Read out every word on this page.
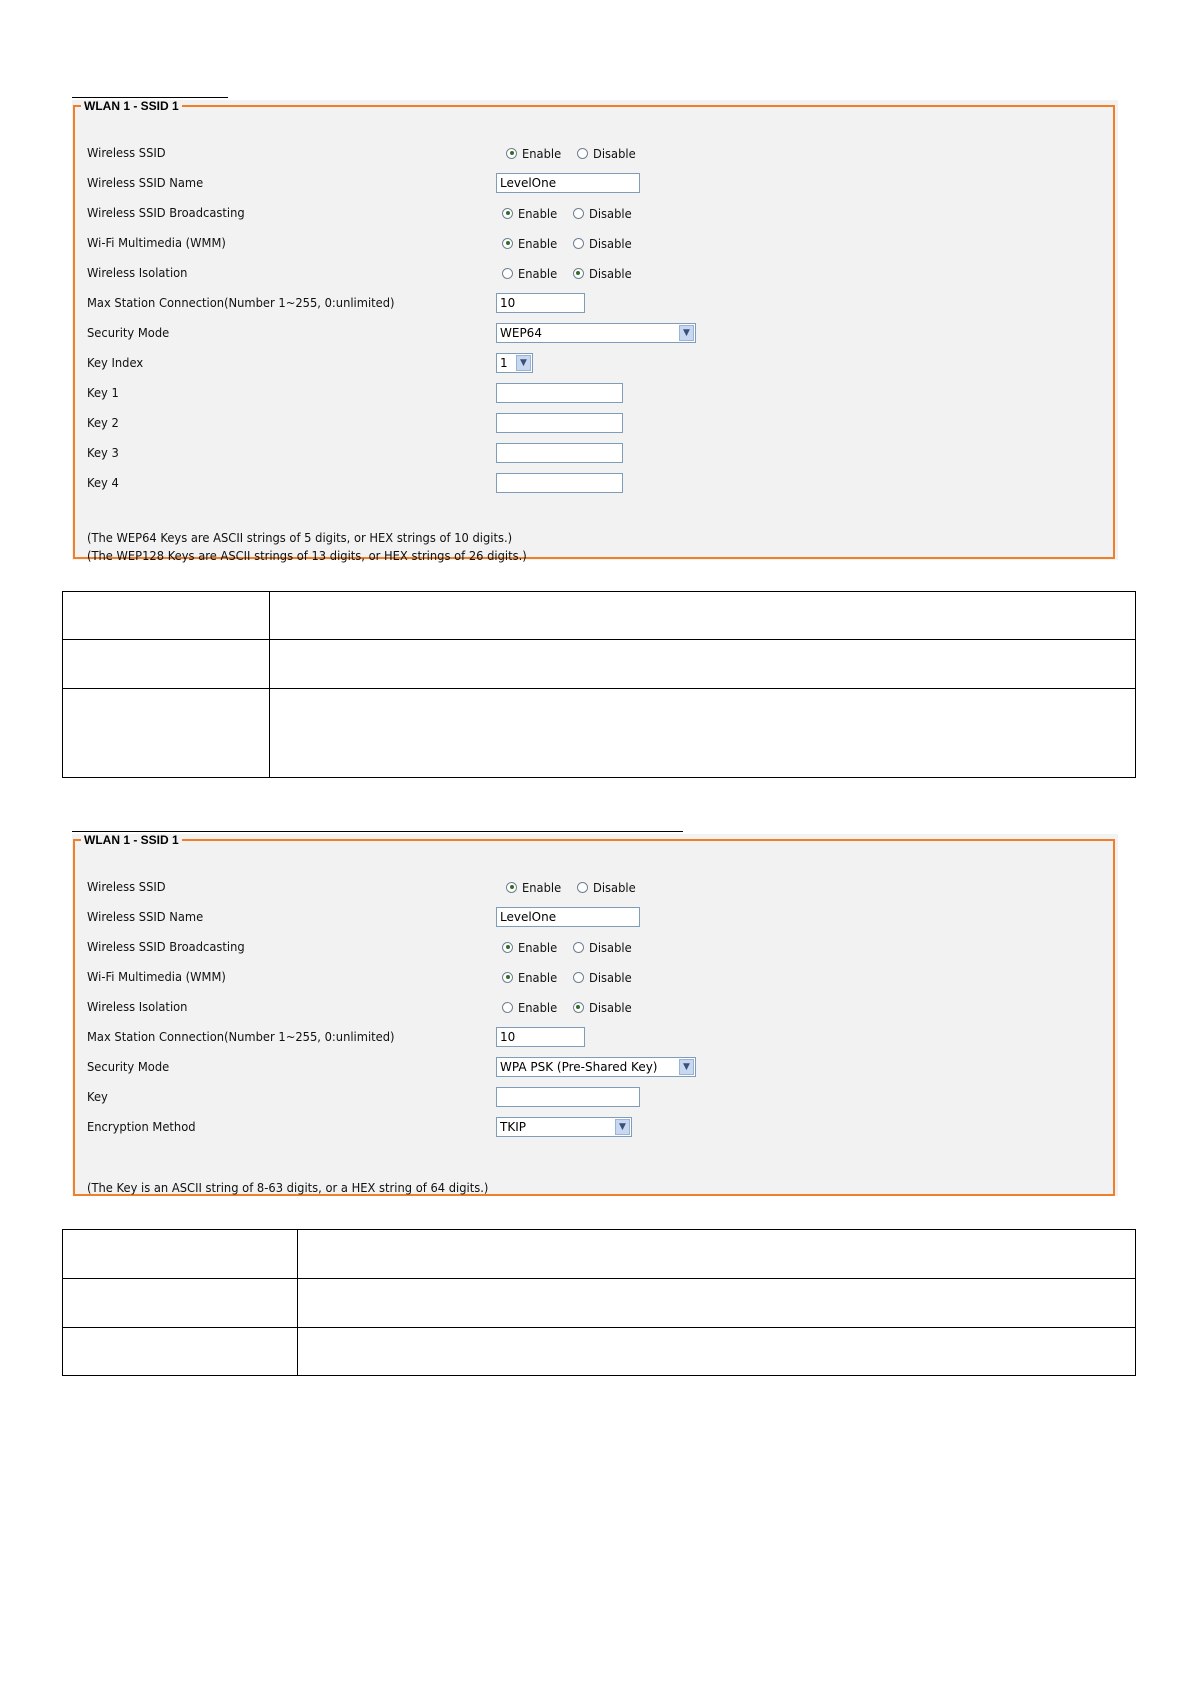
WLAN 1 - SSID 1
Wireless SSID	Enable	Disable
Wireless SSID Name	LevelOne
Wireless SSID Broadcasting	Enable	Disable
Wi-Fi Multimedia (WMM)	Enable	Disable
Wireless Isolation	Enable	Disable
Max Station Connection(Number 1~255, 0:unlimited)	10
Security Mode	WEP64	▼
Key Index	1	▼
Key 1
Key 2
Key 3
Key 4
(The WEP64 Keys are ASCII strings of 5 digits, or HEX strings of 10 digits.)
(The WEP128 Keys are ASCII strings of 13 digits, or HEX strings of 26 digits.)

WLAN 1 - SSID 1
Wireless SSID	Enable	Disable
Wireless SSID Name	LevelOne
Wireless SSID Broadcasting	Enable	Disable
Wi-Fi Multimedia (WMM)	Enable	Disable
Wireless Isolation	Enable	Disable
Max Station Connection(Number 1~255, 0:unlimited)	10
Security Mode	WPA PSK (Pre-Shared Key)	▼
Key
Encryption Method	TKIP	▼
(The Key is an ASCII string of 8-63 digits, or a HEX string of 64 digits.)
